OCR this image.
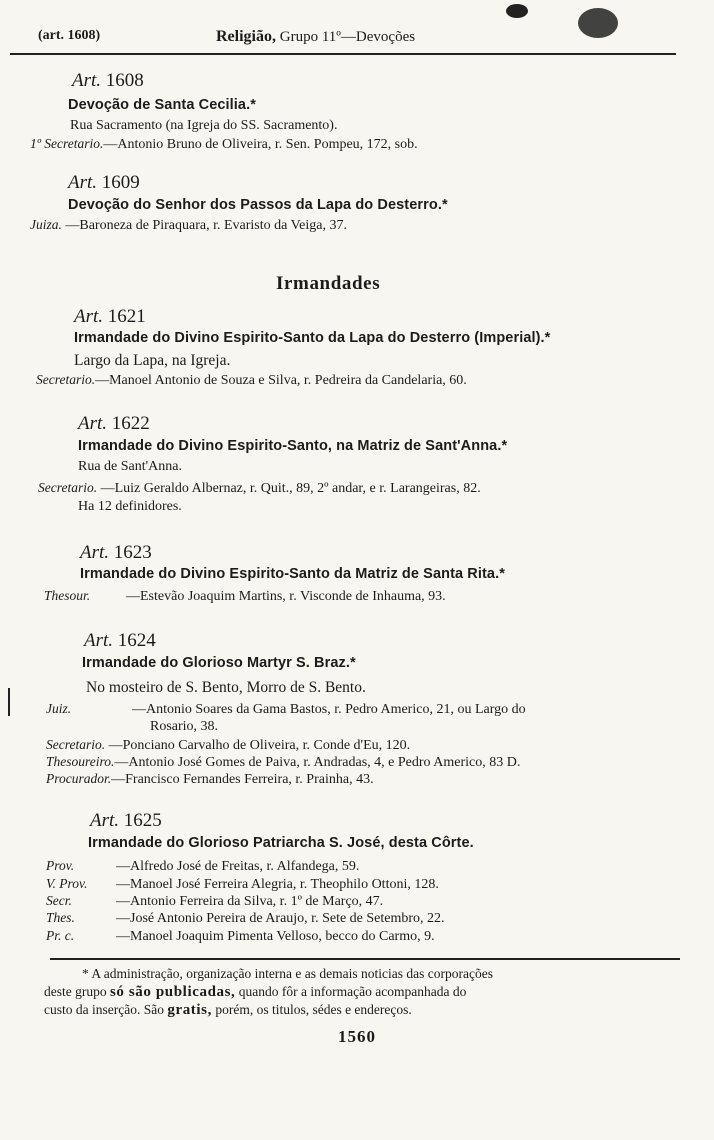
(art. 1608)	Religião, Grupo 11º—Devoções
Art. 1608
Devoção de Santa Cecilia.*
Rua Sacramento (na Igreja do SS. Sacramento).
1º Secretario.—Antonio Bruno de Oliveira, r. Sen. Pompeu, 172, sob.
Art. 1609
Devoção do Senhor dos Passos da Lapa do Desterro.*
Juiza. —Baroneza de Piraquara, r. Evaristo da Veiga, 37.
Irmandades
Art. 1621
Irmandade do Divino Espirito-Santo da Lapa do Desterro (Imperial).*
Largo da Lapa, na Igreja.
Secretario.—Manoel Antonio de Souza e Silva, r. Pedreira da Candelaria, 60.
Art. 1622
Irmandade do Divino Espirito-Santo, na Matriz de Sant'Anna.*
Rua de Sant'Anna.
Secretario. —Luiz Geraldo Albernaz, r. Quit., 89, 2º andar, e r. Larangeiras, 82.
Ha 12 definidores.
Art. 1623
Irmandade do Divino Espirito-Santo da Matriz de Santa Rita.*
Thesour.	—Estevão Joaquim Martins, r. Visconde de Inhauma, 93.
Art. 1624
Irmandade do Glorioso Martyr S. Braz.*
No mosteiro de S. Bento, Morro de S. Bento.
Juiz.	—Antonio Soares da Gama Bastos, r. Pedro Americo, 21, ou Largo do
Rosario, 38.
Secretario. —Ponciano Carvalho de Oliveira, r. Conde d'Eu, 120.
Thesoureiro.—Antonio José Gomes de Paiva, r. Andradas, 4, e Pedro Americo, 83 D.
Procurador.—Francisco Fernandes Ferreira, r. Prainha, 43.
Art. 1625
Irmandade do Glorioso Patriarcha S. José, desta Côrte.
Prov.	—Alfredo José de Freitas, r. Alfandega, 59.
V. Prov. —Manoel José Ferreira Alegria, r. Theophilo Ottoni, 128.
Secr.	—Antonio Ferreira da Silva, r. 1º de Março, 47.
Thes.	—José Antonio Pereira de Araujo, r. Sete de Setembro, 22.
Pr. c.	—Manoel Joaquim Pimenta Velloso, becco do Carmo, 9.
* A administração, organização interna e as demais noticias das corporações
deste grupo só são publicadas, quando fôr a informação acompanhada do
custo da inserção. São gratis, porém, os titulos, sédes e endereços.
1560
